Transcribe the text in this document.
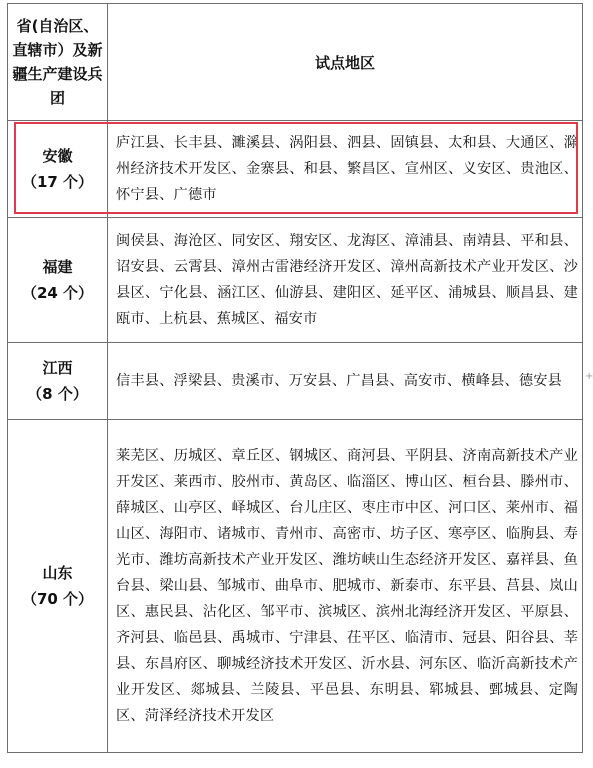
省(自治区、直辖市）及新疆生产建设兵团	试点地区

安徽
（17 个）	庐江县、长丰县、濉溪县、涡阳县、泗县、固镇县、太和县、大通区、滁州经济技术开发区、金寨县、和县、繁昌区、宣州区、义安区、贵池区、怀宁县、广德市

福建
（24 个）	闽侯县、海沧区、同安区、翔安区、龙海区、漳浦县、南靖县、平和县、诏安县、云霄县、漳州古雷港经济开发区、漳州高新技术产业开发区、沙县区、宁化县、涵江区、仙游县、建阳区、延平区、浦城县、顺昌县、建瓯市、上杭县、蕉城区、福安市

江西
（8 个）	信丰县、浮梁县、贵溪市、万安县、广昌县、高安市、横峰县、德安县

山东
（70 个）	莱芜区、历城区、章丘区、钢城区、商河县、平阴县、济南高新技术产业开发区、莱西市、胶州市、黄岛区、临淄区、博山区、桓台县、滕州市、薛城区、山亭区、峄城区、台儿庄区、枣庄市中区、河口区、莱州市、福山区、海阳市、诸城市、青州市、高密市、坊子区、寒亭区、临朐县、寿光市、潍坊高新技术产业开发区、潍坊峡山生态经济开发区、嘉祥县、鱼台县、梁山县、邹城市、曲阜市、肥城市、新泰市、东平县、莒县、岚山区、惠民县、沾化区、邹平市、滨城区、滨州北海经济开发区、平原县、齐河县、临邑县、禹城市、宁津县、茌平区、临清市、冠县、阳谷县、莘县、东昌府区、聊城经济技术开发区、沂水县、河东区、临沂高新技术产业开发区、郯城县、兰陵县、平邑县、东明县、郓城县、鄄城县、定陶区、菏泽经济技术开发区
+
